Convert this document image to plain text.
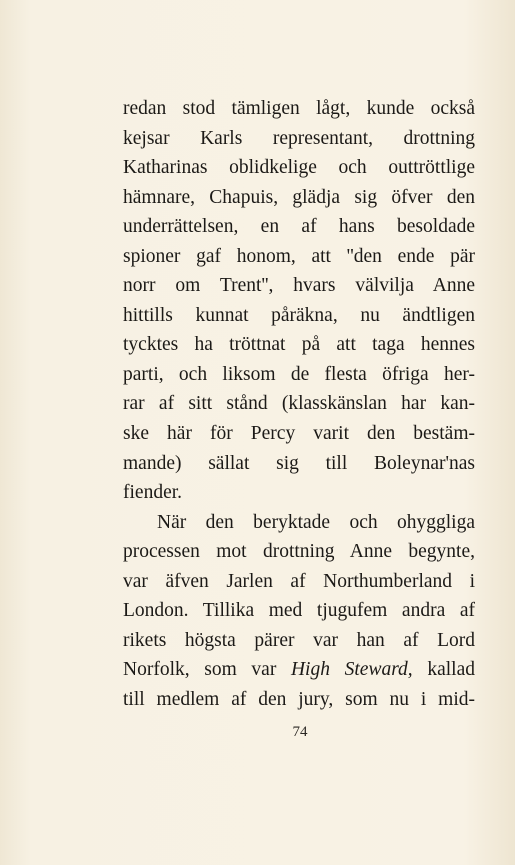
redan stod tämligen lågt, kunde också
kejsar Karls representant, drottning
Katharinas oblidkelige och outtröttlige
hämnare, Chapuis, glädja sig öfver den
underrättelsen, en af hans besoldade
spioner gaf honom, att ''den ende pär
norr om Trent'', hvars välvilja Anne
hittills kunnat påräkna, nu ändtligen
tycktes ha tröttnat på att taga hennes
parti, och liksom de flesta öfriga her-
rar af sitt stånd (klasskänslan har kan-
ske här för Percy varit den bestäm-
mande) sällat sig till Boleynar'nas
fiender.
När den beryktade och ohyggliga
processen mot drottning Anne begynte,
var äfven Jarlen af Northumberland i
London. Tillika med tjugufem andra af
rikets högsta pärer var han af Lord
Norfolk, som var High Steward, kallad
till medlem af den jury, som nu i mid-
74
